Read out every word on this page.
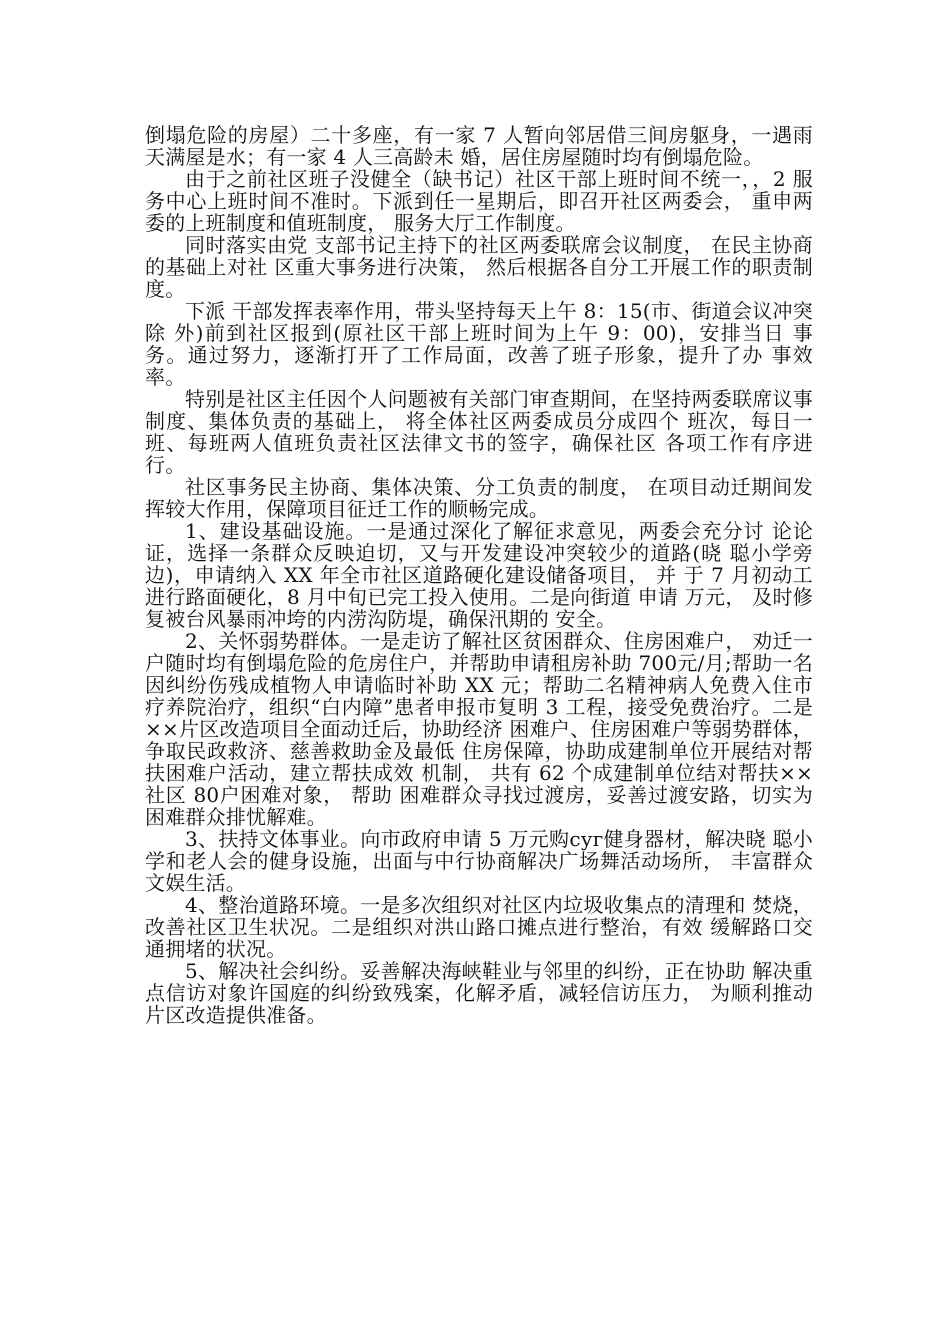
倒塌危险的房屋）二十多座，有一家 7 人暂向邻居借三间房躯身，一遇雨天满屋是水；有一家 4 人三高龄未 婚，居住房屋随时均有倒塌危险。

由于之前社区班子没健全（缺书记）社区干部上班时间不统一，，2 服务中心上班时间不准时。下派到任一星期后，即召开社区两委会， 重申两委的上班制度和值班制度， 服务大厅工作制度。

同时落实由党 支部书记主持下的社区两委联席会议制度， 在民主协商的基础上对社 区重大事务进行决策， 然后根据各自分工开展工作的职责制度。

下派 干部发挥表率作用，带头坚持每天上午 8：15(市、街道会议冲突除 外)前到社区报到(原社区干部上班时间为上午 9：00)，安排当日 事务。通过努力，逐渐打开了工作局面，改善了班子形象，提升了办 事效率。

特别是社区主任因个人问题被有关部门审查期间，在坚持两委联席议事制度、集体负责的基础上， 将全体社区两委成员分成四个 班次，每日一班、每班两人值班负责社区法律文书的签字，确保社区 各项工作有序进行。

社区事务民主协商、集体决策、分工负责的制度， 在项目动迁期间发挥较大作用，保障项目征迁工作的顺畅完成。

1、建设基础设施。一是通过深化了解征求意见，两委会充分讨 论论证，选择一条群众反映迫切，又与开发建设冲突较少的道路(晓 聪小学旁边)，申请纳入 XX 年全市社区道路硬化建设储备项目， 并 于 7 月初动工进行路面硬化，8 月中旬已完工投入使用。二是向街道 申请 万元， 及时修复被台风暴雨冲垮的内涝沟防堤，确保汛期的 安全。

2、关怀弱势群体。一是走访了解社区贫困群众、住房困难户， 劝迁一户随时均有倒塌危险的危房住户，并帮助申请租房补助 700元/月;帮助一名因纠纷伤残成植物人申请临时补助 XX 元；帮助二名精神病人免费入住市疗养院治疗，组织“白内障”患者申报市复明 3 工程，接受免费治疗。二是××片区改造项目全面动迁后，协助经济 困难户、住房困难户等弱势群体，争取民政救济、慈善救助金及最低 住房保障，协助成建制单位开展结对帮扶困难户活动，建立帮扶成效 机制， 共有 62 个成建制单位结对帮扶××社区 80户困难对象， 帮助 困难群众寻找过渡房，妥善过渡安路，切实为困难群众排忧解难。

3、扶持文体事业。向市政府申请 5 万元购суг健身器材，解决晓 聪小学和老人会的健身设施，出面与中行协商解决广场舞活动场所， 丰富群众文娱生活。

4、整治道路环境。一是多次组织对社区内垃圾收集点的清理和 焚烧，改善社区卫生状况。二是组织对洪山路口摊点进行整治，有效 缓解路口交通拥堵的状况。

5、解决社会纠纷。妥善解决海峡鞋业与邻里的纠纷，正在协助 解决重点信访对象许国庭的纠纷致残案，化解矛盾，减轻信访压力， 为顺利推动片区改造提供准备。
